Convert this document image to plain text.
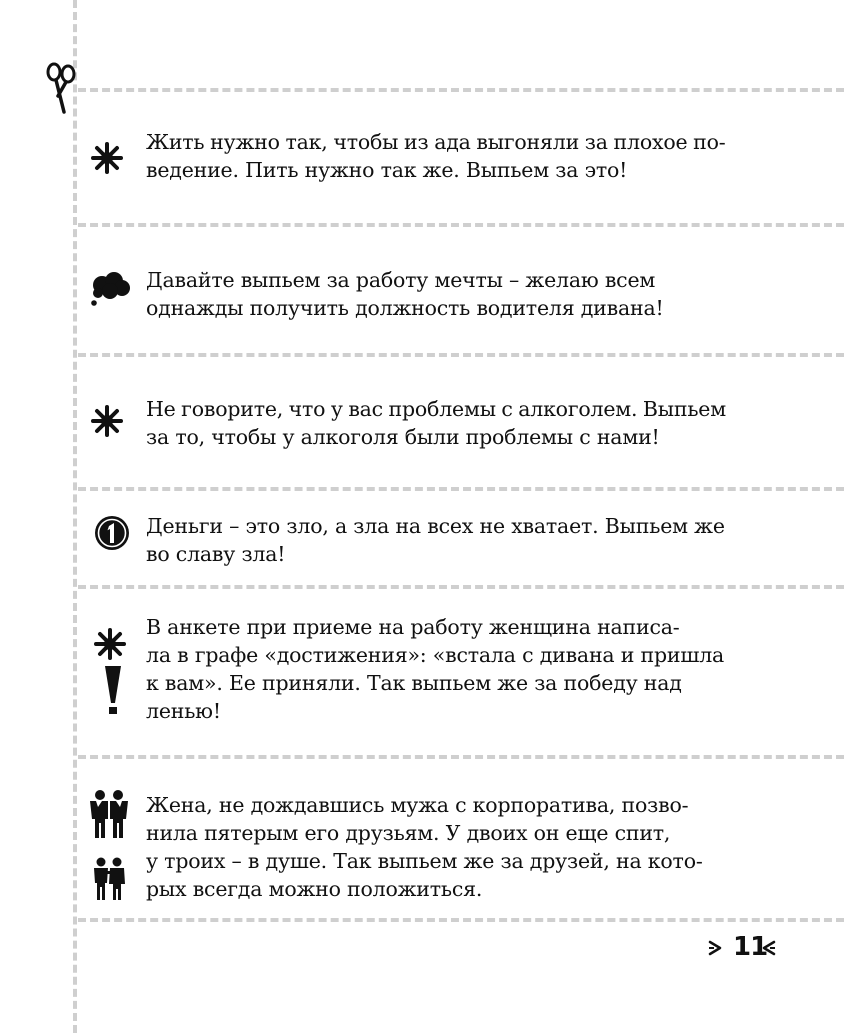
Жить нужно так, чтобы из ада выгоняли за плохое по-
ведение. Пить нужно так же. Выпьем за это!
Давайте выпьем за работу мечты – желаю всем
однажды получить должность водителя дивана!
Не говорите, что у вас проблемы с алкоголем. Выпьем
за то, чтобы у алкоголя были проблемы с нами!
Деньги – это зло, а зла на всех не хватает. Выпьем же
во славу зла!
В анкете при приеме на работу женщина написа-
ла в графе «достижения»: «встала с дивана и пришла
к вам». Ее приняли. Так выпьем же за победу над
ленью!
Жена, не дождавшись мужа с корпоратива, позво-
нила пятерым его друзьям. У двоих он еще спит,
у троих – в душе. Так выпьем же за друзей, на кото-
рых всегда можно положиться.
11
